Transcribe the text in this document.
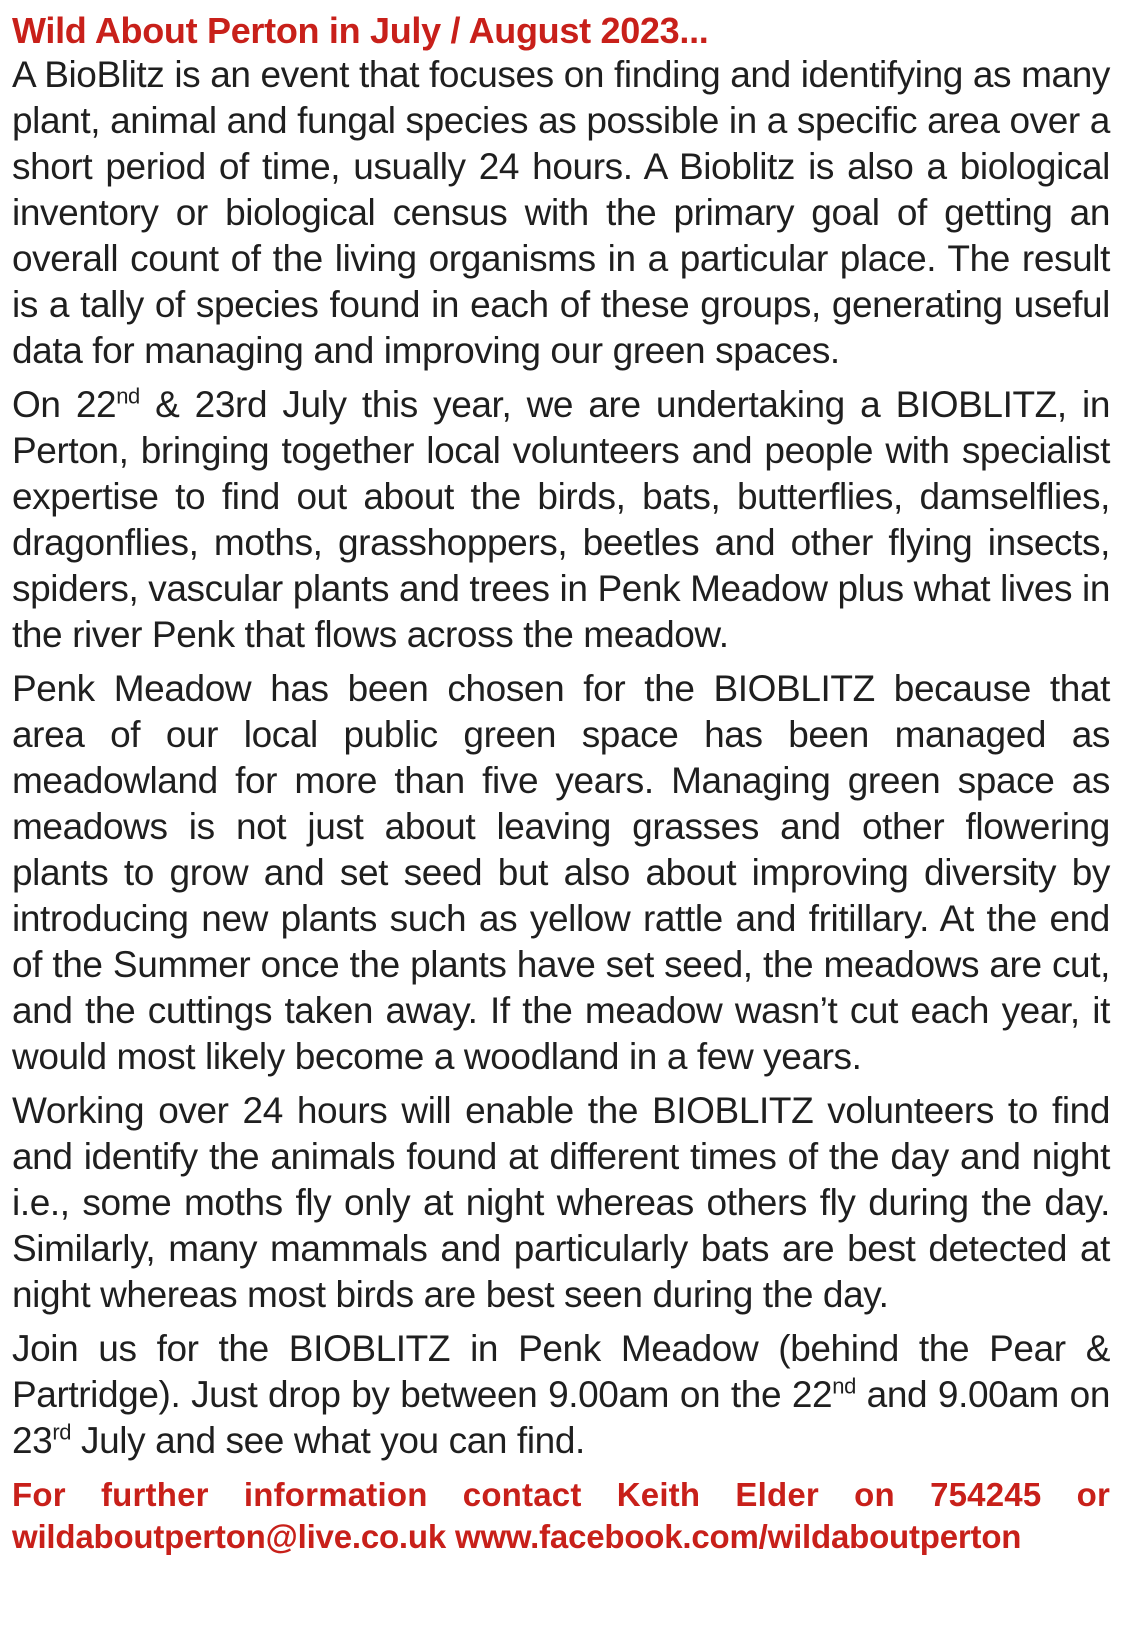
Wild About Perton in July / August 2023...

A BioBlitz is an event that focuses on finding and identifying as many plant, animal and fungal species as possible in a specific area over a short period of time, usually 24 hours. A Bioblitz is also a biological inventory or biological census with the primary goal of getting an overall count of the living organisms in a particular place. The result is a tally of species found in each of these groups, generating useful data for managing and improving our green spaces.

On 22nd & 23rd July this year, we are undertaking a BIOBLITZ, in Perton, bringing together local volunteers and people with specialist expertise to find out about the birds, bats, butterflies, damselflies, dragonflies, moths, grasshoppers, beetles and other flying insects, spiders, vascular plants and trees in Penk Meadow plus what lives in the river Penk that flows across the meadow.

Penk Meadow has been chosen for the BIOBLITZ because that area of our local public green space has been managed as meadowland for more than five years. Managing green space as meadows is not just about leaving grasses and other flowering plants to grow and set seed but also about improving diversity by introducing new plants such as yellow rattle and fritillary. At the end of the Summer once the plants have set seed, the meadows are cut, and the cuttings taken away. If the meadow wasn’t cut each year, it would most likely become a woodland in a few years.

Working over 24 hours will enable the BIOBLITZ volunteers to find and identify the animals found at different times of the day and night i.e., some moths fly only at night whereas others fly during the day. Similarly, many mammals and particularly bats are best detected at night whereas most birds are best seen during the day.

Join us for the BIOBLITZ in Penk Meadow (behind the Pear & Partridge). Just drop by between 9.00am on the 22nd and 9.00am on 23rd July and see what you can find.

For further information contact Keith Elder on 754245 or

wildaboutperton@live.co.uk www.facebook.com/wildaboutperton
